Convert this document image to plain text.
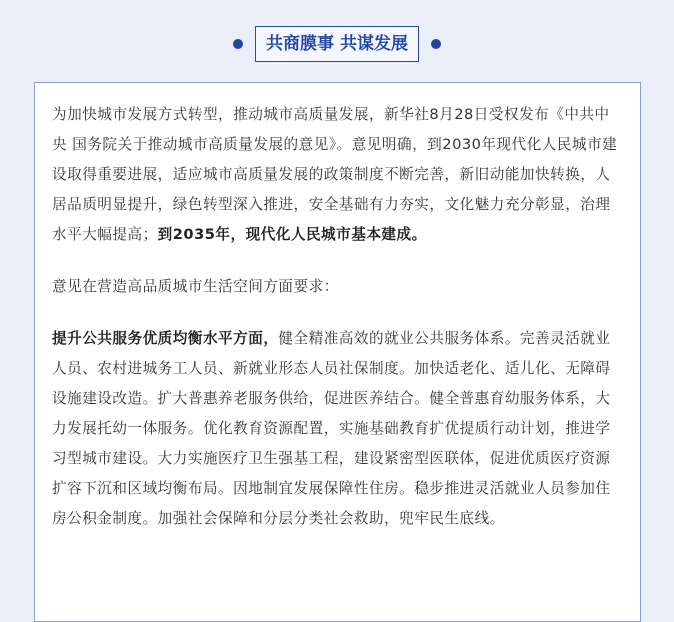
共商膜事 共谋发展

为加快城市发展方式转型，推动城市高质量发展，新华社8月28日受权发布《中共中央 国务院关于推动城市高质量发展的意见》。意见明确，到2030年现代化人民城市建设取得重要进展，适应城市高质量发展的政策制度不断完善，新旧动能加快转换，人居品质明显提升，绿色转型深入推进，安全基础有力夯实，文化魅力充分彰显，治理水平大幅提高；到2035年，现代化人民城市基本建成。

意见在营造高品质城市生活空间方面要求：

提升公共服务优质均衡水平方面，健全精准高效的就业公共服务体系。完善灵活就业人员、农村进城务工人员、新就业形态人员社保制度。加快适老化、适儿化、无障碍设施建设改造。扩大普惠养老服务供给，促进医养结合。健全普惠育幼服务体系，大力发展托幼一体服务。优化教育资源配置，实施基础教育扩优提质行动计划，推进学习型城市建设。大力实施医疗卫生强基工程，建设紧密型医联体，促进优质医疗资源扩容下沉和区域均衡布局。因地制宜发展保障性住房。稳步推进灵活就业人员参加住房公积金制度。加强社会保障和分层分类社会救助，兜牢民生底线。
